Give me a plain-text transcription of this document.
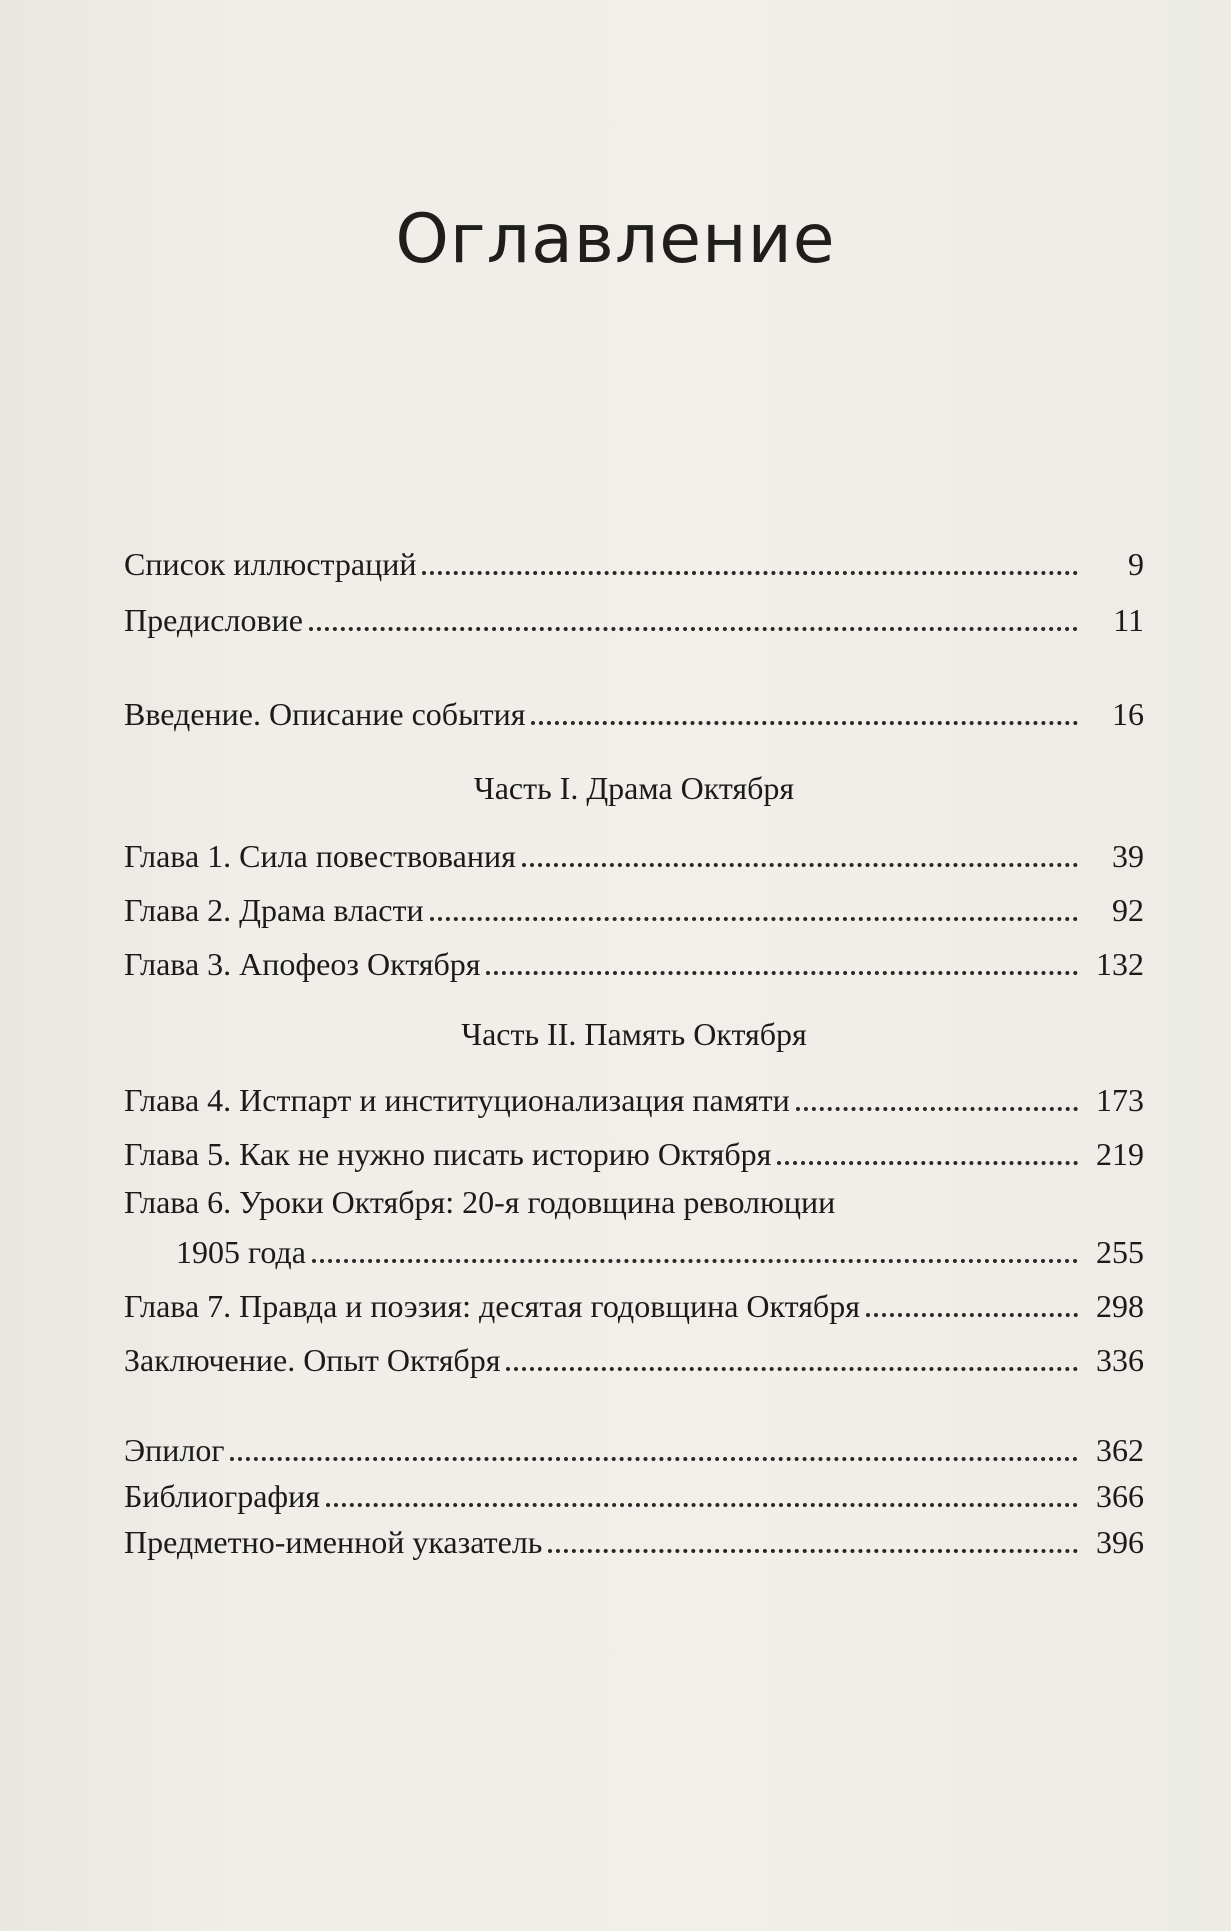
Оглавление
Список иллюстраций	9
Предисловие	11
Введение. Описание события	16
Часть I. Драма Октября
Глава 1. Сила повествования	39
Глава 2. Драма власти	92
Глава 3. Апофеоз Октября	132
Часть II. Память Октября
Глава 4. Истпарт и институционализация памяти	173
Глава 5. Как не нужно писать историю Октября	219
Глава 6. Уроки Октября: 20-я годовщина революции
1905 года	255
Глава 7. Правда и поэзия: десятая годовщина Октября	298
Заключение. Опыт Октября	336
Эпилог	362
Библиография	366
Предметно-именной указатель	396
